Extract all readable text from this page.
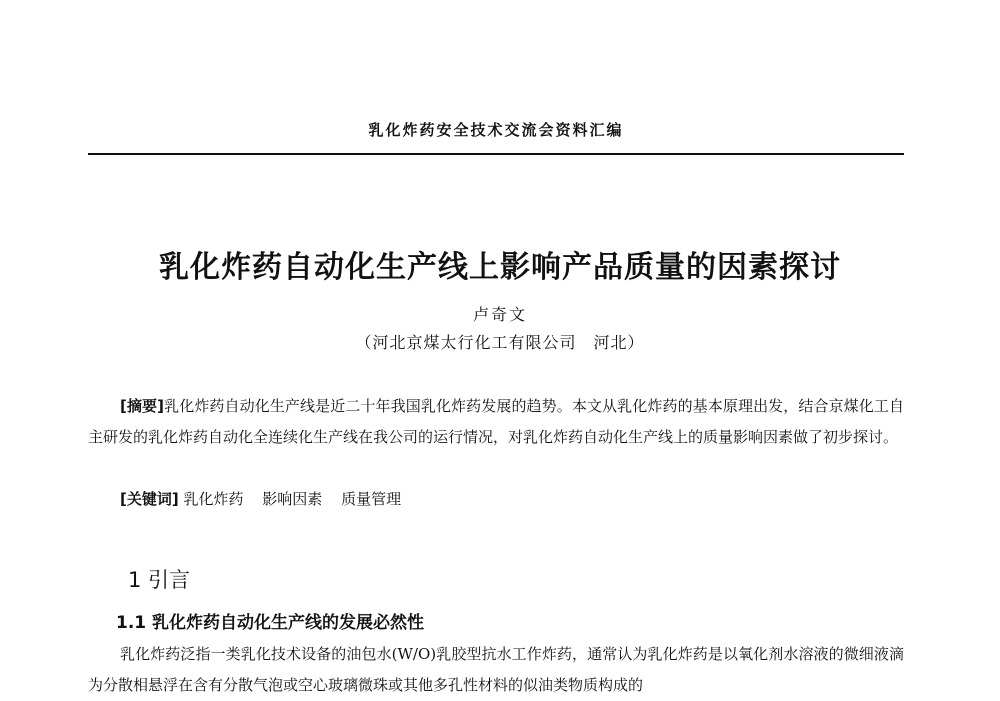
乳化炸药安全技术交流会资料汇编
乳化炸药自动化生产线上影响产品质量的因素探讨
卢奇文
（河北京煤太行化工有限公司　河北）

[摘要]乳化炸药自动化生产线是近二十年我国乳化炸药发展的趋势。本文从乳化炸药的基本原理出发，结合京煤化工自主研发的乳化炸药自动化全连续化生产线在我公司的运行情况，对乳化炸药自动化生产线上的质量影响因素做了初步探讨。

[关键词] 乳化炸药 影响因素 质量管理
1 引言
1.1 乳化炸药自动化生产线的发展必然性

乳化炸药泛指一类乳化技术设备的油包水(W/O)乳胶型抗水工作炸药，通常认为乳化炸药是以氧化剂水溶液的微细液滴为分散相悬浮在含有分散气泡或空心玻璃微珠或其他多孔性材料的似油类物质构成的
